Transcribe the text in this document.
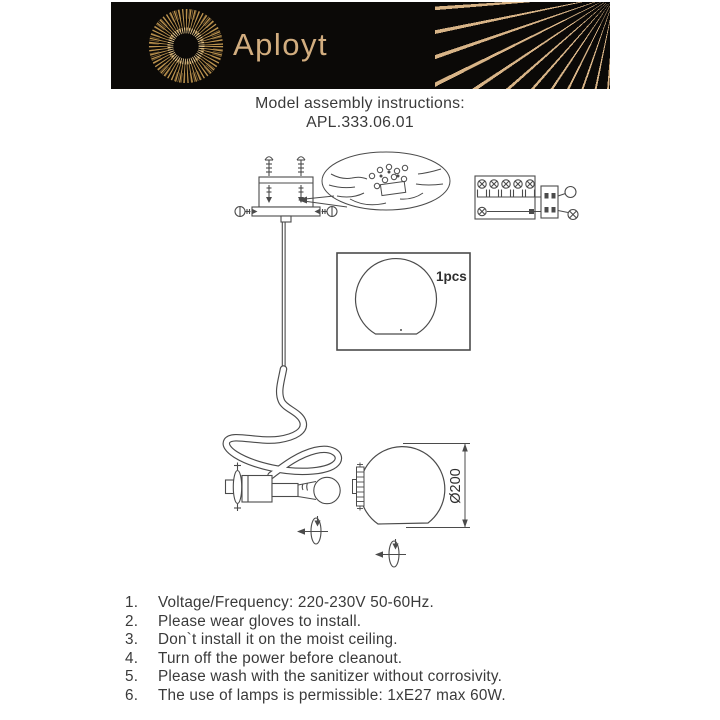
Aployt
Model assembly instructions:
APL.333.06.01
1pcs
Ø200
1.	Voltage/Frequency: 220-230V 50-60Hz.
2.	Please wear gloves to install.
3.	Don`t install it on the moist ceiling.
4.	Turn off the power before cleanout.
5.	Please wash with the sanitizer without corrosivity.
6.	The use of lamps is permissible: 1xE27 max 60W.
